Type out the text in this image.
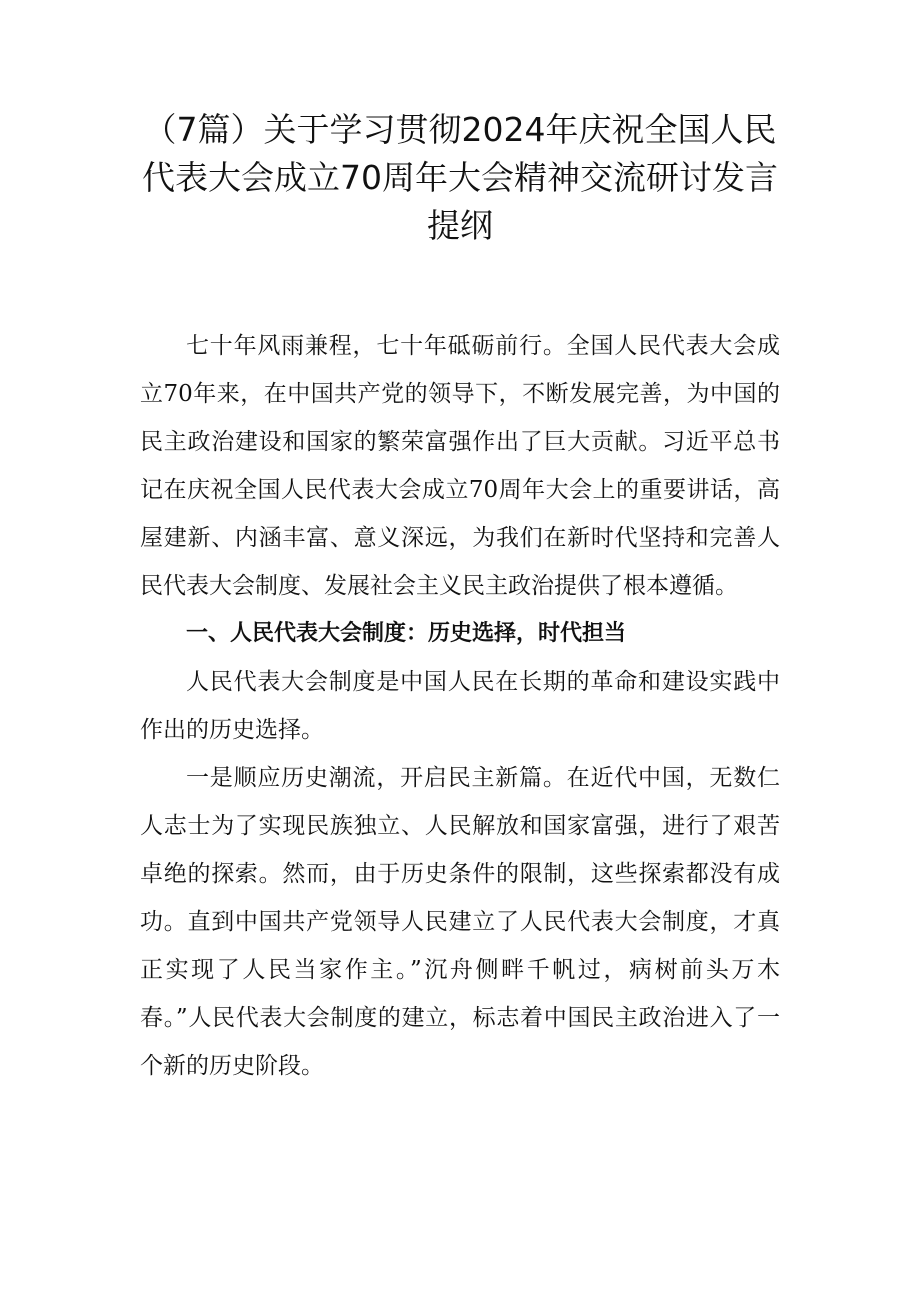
（7篇）关于学习贯彻2024年庆祝全国人民代表大会成立70周年大会精神交流研讨发言提纲

七十年风雨兼程，七十年砥砺前行。全国人民代表大会成立70年来，在中国共产党的领导下，不断发展完善，为中国的民主政治建设和国家的繁荣富强作出了巨大贡献。习近平总书记在庆祝全国人民代表大会成立70周年大会上的重要讲话，高屋建新、内涵丰富、意义深远，为我们在新时代坚持和完善人民代表大会制度、发展社会主义民主政治提供了根本遵循。

一、人民代表大会制度：历史选择，时代担当

人民代表大会制度是中国人民在长期的革命和建设实践中作出的历史选择。

一是顺应历史潮流，开启民主新篇。在近代中国，无数仁人志士为了实现民族独立、人民解放和国家富强，进行了艰苦卓绝的探索。然而，由于历史条件的限制，这些探索都没有成功。直到中国共产党领导人民建立了人民代表大会制度，才真正实现了人民当家作主。”沉舟侧畔千帆过，病树前头万木春。”人民代表大会制度的建立，标志着中国民主政治进入了一个新的历史阶段。
